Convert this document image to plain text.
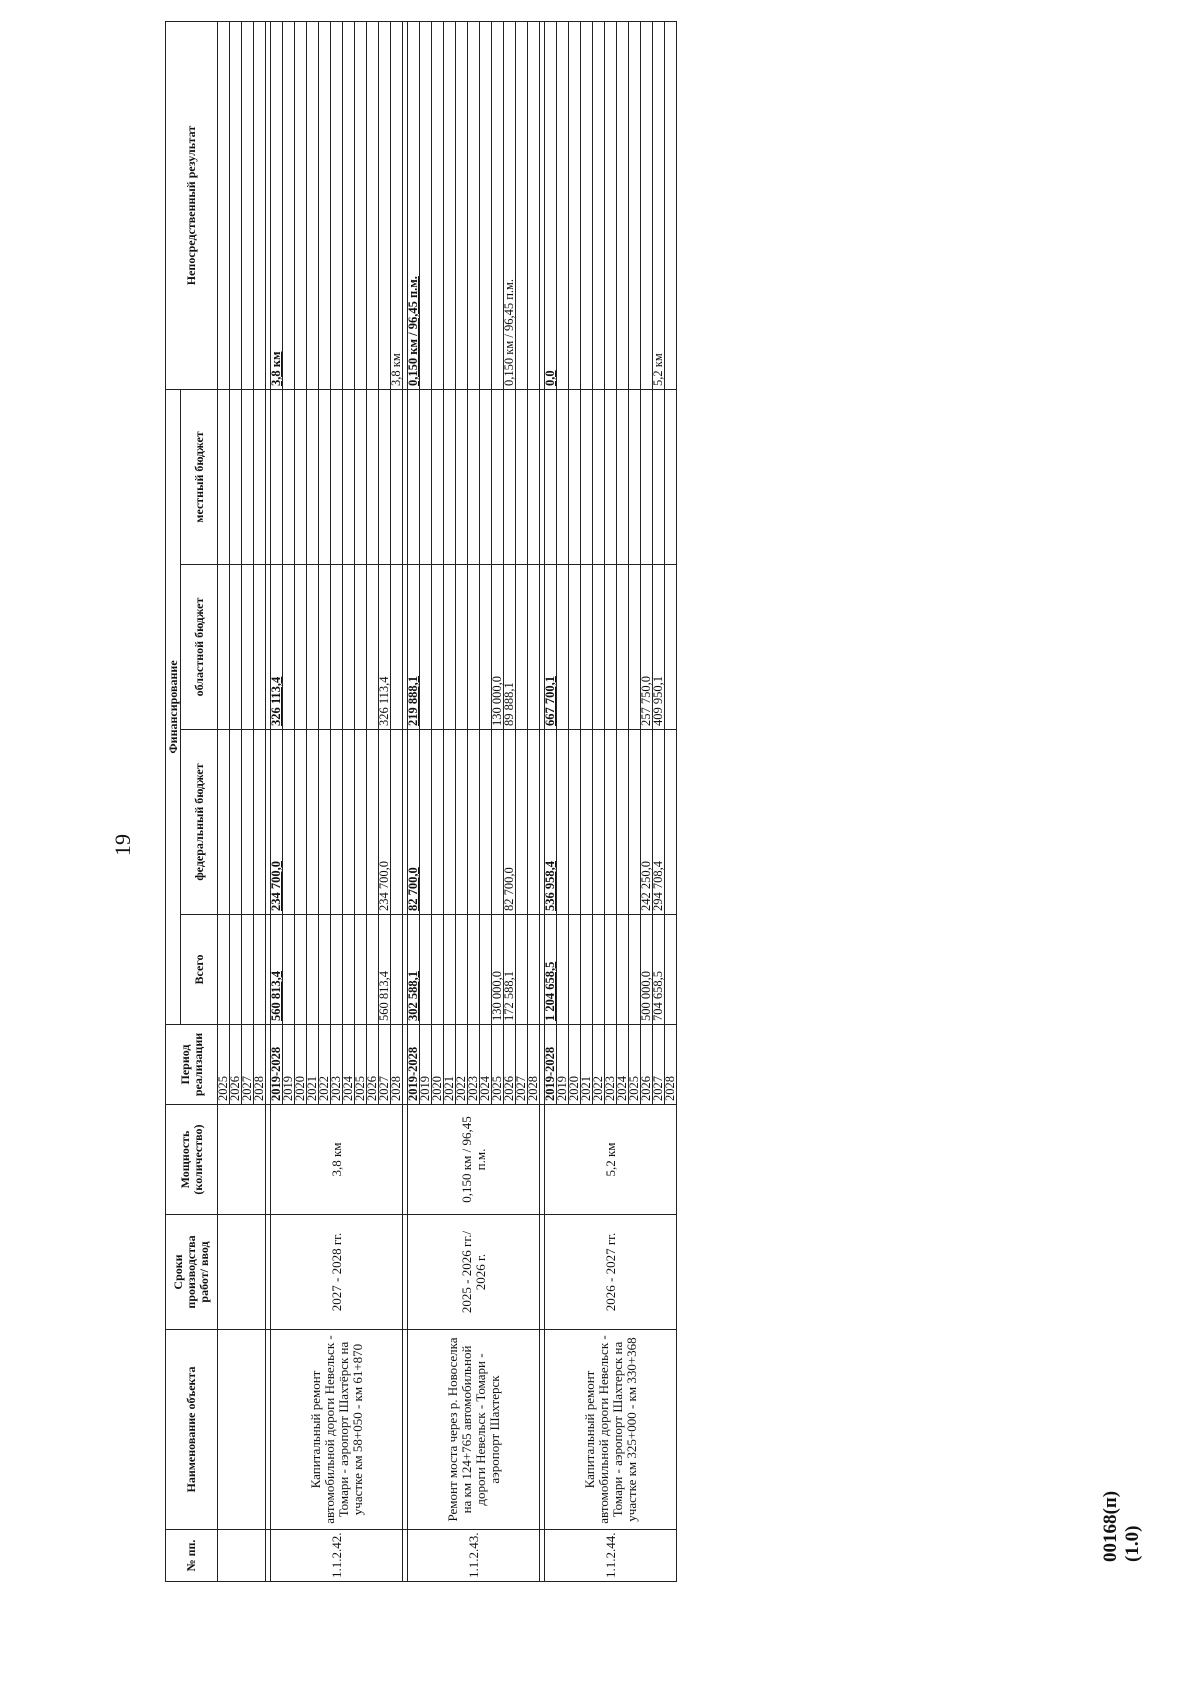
19
00168(п)(1.0)
№ пп.	Наименование объекта	Сроки производства работ/ ввод	Мощность (количество)	Период реализации	Финансирование				Непосредственный результат
					Всего	федеральный бюджет	областной бюджет	местный бюджет	
				2025					
				2026					
				2027					
				2028					

1.1.2.42.	Капитальный ремонт автомобильной дороги Невельск - Томари - аэропорт Шахтёрск на участке км 58+050 - км 61+870	2027 - 2028 гг.	3,8 км	2019-2028	560 813,4	234 700,0	326 113,4		3,8 км
				2019					
				2020					
				2021					
				2022					
				2023					
				2024					
				2025					
				2026					
				2027	560 813,4	234 700,0	326 113,4		
				2028					3,8 км

1.1.2.43.	Ремонт моста через р. Новоселка на км 124+765 автомобильной дороги Невельск - Томари - аэропорт Шахтерск	2025 - 2026 гг./ 2026 г.	0,150 км / 96,45 п.м.	2019-2028	302 588,1	82 700,0	219 888,1		0,150 км / 96,45 п.м.
				2019					
				2020					
				2021					
				2022					
				2023					
				2024					
				2025	130 000,0		130 000,0		
				2026	172 588,1	82 700,0	89 888,1		0,150 км / 96,45 п.м.
				2027					
				2028					

1.1.2.44.	Капитальный ремонт автомобильной дороги Невельск - Томари - аэропорт Шахтерск на участке км 325+000 - км 330+368	2026 - 2027 гг.	5,2 км	2019-2028	1 204 658,5	536 958,4	667 700,1		0,0
				2019					
				2020					
				2021					
				2022					
				2023					
				2024					
				2025					
				2026	500 000,0	242 250,0	257 750,0		
				2027	704 658,5	294 708,4	409 950,1		5,2 км
				2028					
